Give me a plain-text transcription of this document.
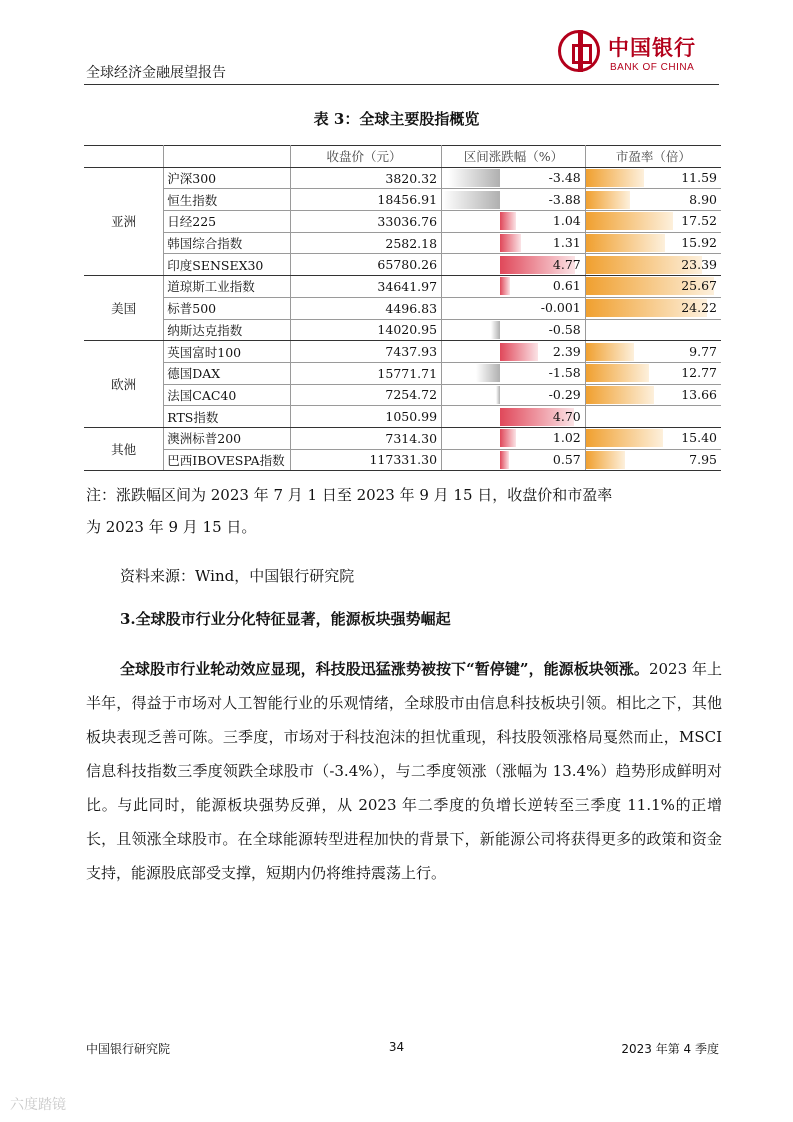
全球经济金融展望报告
中国银行
BANK OF CHINA
表 3：全球主要股指概览
		收盘价（元）	区间涨跌幅（%）	市盈率（倍）
亚洲	沪深300	3820.32	-3.48	11.59

	恒生指数	18456.91	-3.88	8.90

	日经225	33036.76	1.04	17.52

	韩国综合指数	2582.18	1.31	15.92

	印度SENSEX30	65780.26	4.77	23.39

美国	道琼斯工业指数	34641.97	0.61	25.67

	标普500	4496.83	-0.001	24.22

	纳斯达克指数	14020.95	-0.58	

欧洲	英国富时100	7437.93	2.39	9.77

	德国DAX	15771.71	-1.58	12.77

	法国CAC40	7254.72	-0.29	13.66

	RTS指数	1050.99	4.70	

其他	澳洲标普200	7314.30	1.02	15.40

	巴西IBOVESPA指数	117331.30	0.57	7.95
注：涨跌幅区间为 2023 年 7 月 1 日至 2023 年 9 月 15 日，收盘价和市盈率
为 2023 年 9 月 15 日。
资料来源：Wind，中国银行研究院
3.全球股市行业分化特征显著，能源板块强势崛起
全球股市行业轮动效应显现，科技股迅猛涨势被按下“暂停键”，能源板块领涨。2023 年上半年，得益于市场对人工智能行业的乐观情绪，全球股市由信息科技板块引领。相比之下，其他板块表现乏善可陈。三季度，市场对于科技泡沫的担忧重现，科技股领涨格局戛然而止，MSCI 信息科技指数三季度领跌全球股市（-3.4%），与二季度领涨（涨幅为 13.4%）趋势形成鲜明对比。与此同时，能源板块强势反弹，从 2023 年二季度的负增长逆转至三季度 11.1%的正增长，且领涨全球股市。在全球能源转型进程加快的背景下，新能源公司将获得更多的政策和资金支持，能源股底部受支撑，短期内仍将维持震荡上行。
中国银行研究院	34	2023 年第 4 季度
六度踏镜
